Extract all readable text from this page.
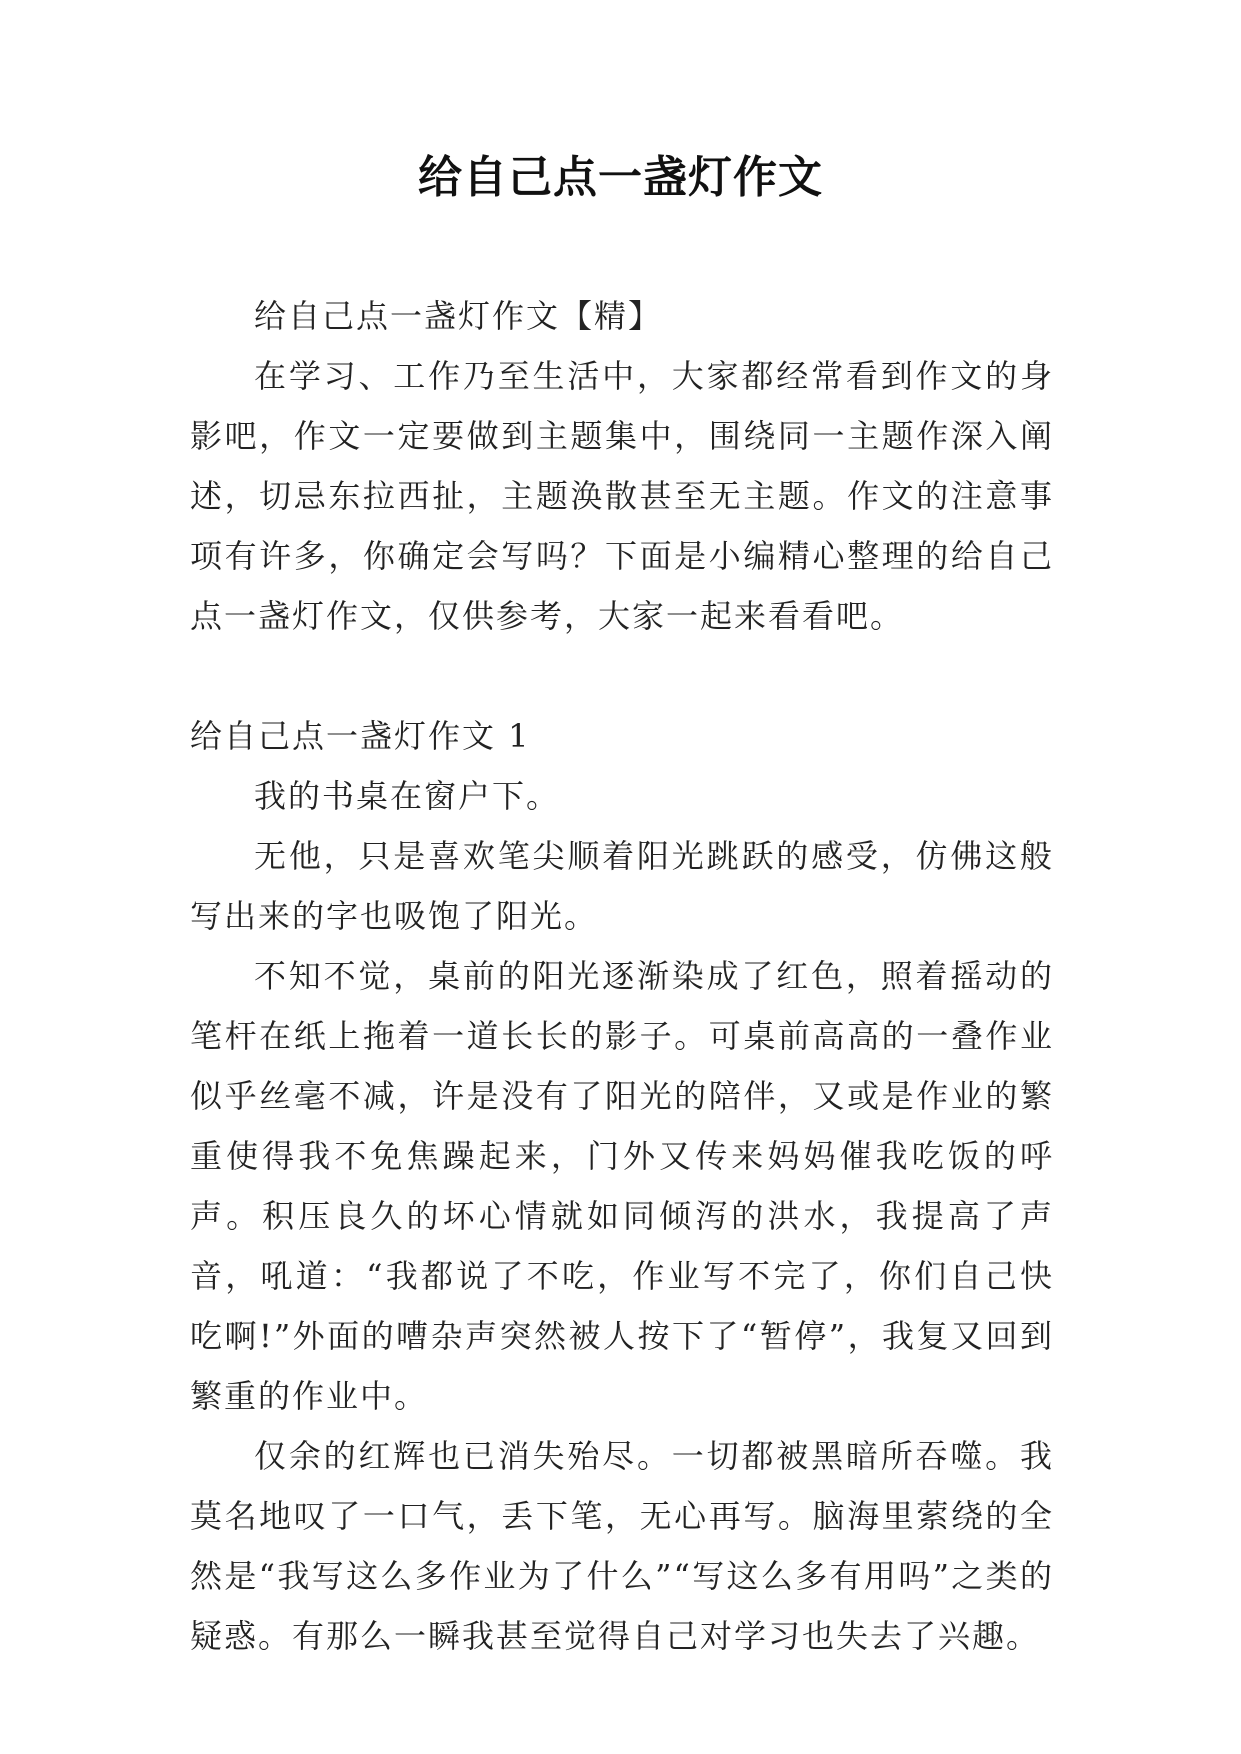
给自己点一盏灯作文

给自己点一盏灯作文【精】

在学习、工作乃至生活中，大家都经常看到作文的身影吧，作文一定要做到主题集中，围绕同一主题作深入阐述，切忌东拉西扯，主题涣散甚至无主题。作文的注意事项有许多，你确定会写吗？下面是小编精心整理的给自己点一盏灯作文，仅供参考，大家一起来看看吧。

给自己点一盏灯作文 1

我的书桌在窗户下。

无他，只是喜欢笔尖顺着阳光跳跃的感受，仿佛这般写出来的字也吸饱了阳光。

不知不觉，桌前的阳光逐渐染成了红色，照着摇动的笔杆在纸上拖着一道长长的影子。可桌前高高的一叠作业似乎丝毫不减，许是没有了阳光的陪伴，又或是作业的繁重使得我不免焦躁起来，门外又传来妈妈催我吃饭的呼声。积压良久的坏心情就如同倾泻的洪水，我提高了声音，吼道：“我都说了不吃，作业写不完了，你们自己快吃啊!”外面的嘈杂声突然被人按下了“暂停”，我复又回到繁重的作业中。

仅余的红辉也已消失殆尽。一切都被黑暗所吞噬。我莫名地叹了一口气，丢下笔，无心再写。脑海里萦绕的全然是“我写这么多作业为了什么”“写这么多有用吗”之类的疑惑。有那么一瞬我甚至觉得自己对学习也失去了兴趣。
